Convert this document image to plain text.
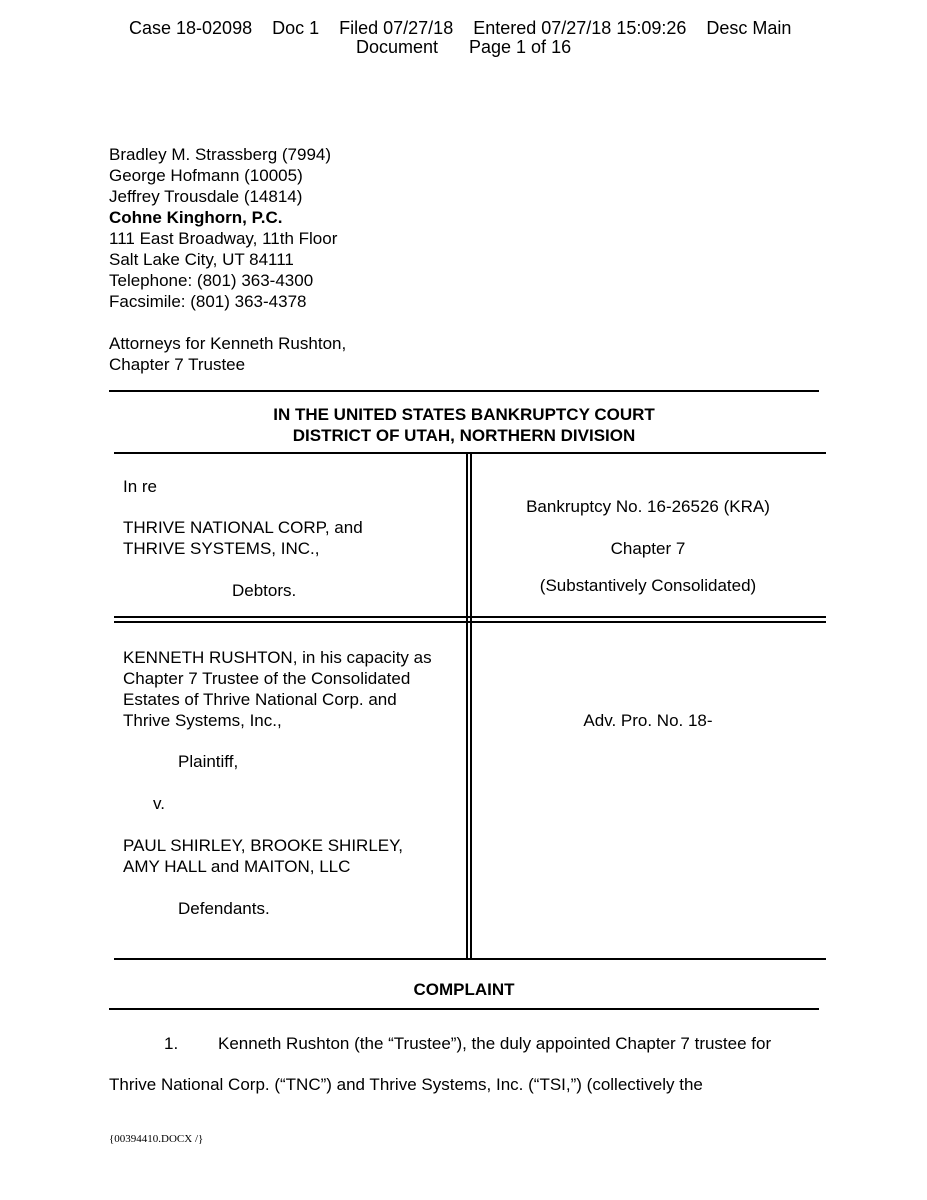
Case 18-02098    Doc 1    Filed 07/27/18    Entered 07/27/18 15:09:26    Desc Main
Document Page 1 of 16
Bradley M. Strassberg (7994)
George Hofmann (10005)
Jeffrey Trousdale (14814)
Cohne Kinghorn, P.C.
111 East Broadway, 11th Floor
Salt Lake City, UT 84111
Telephone: (801) 363-4300
Facsimile: (801) 363-4378
Attorneys for Kenneth Rushton,
Chapter 7 Trustee
IN THE UNITED STATES BANKRUPTCY COURT
DISTRICT OF UTAH, NORTHERN DIVISION
In re
THRIVE NATIONAL CORP, and
THRIVE SYSTEMS, INC.,
Debtors.
Bankruptcy No. 16-26526 (KRA)
Chapter 7
(Substantively Consolidated)
KENNETH RUSHTON, in his capacity as
Chapter 7 Trustee of the Consolidated
Estates of Thrive National Corp. and
Thrive Systems, Inc.,
Plaintiff,
v.
PAUL SHIRLEY, BROOKE SHIRLEY,
AMY HALL and MAITON, LLC
Defendants.
Adv. Pro. No. 18-
COMPLAINT
1. Kenneth Rushton (the “Trustee”), the duly appointed Chapter 7 trustee for
Thrive National Corp. (“TNC”) and Thrive Systems, Inc. (“TSI,”) (collectively the
{00394410.DOCX /}
